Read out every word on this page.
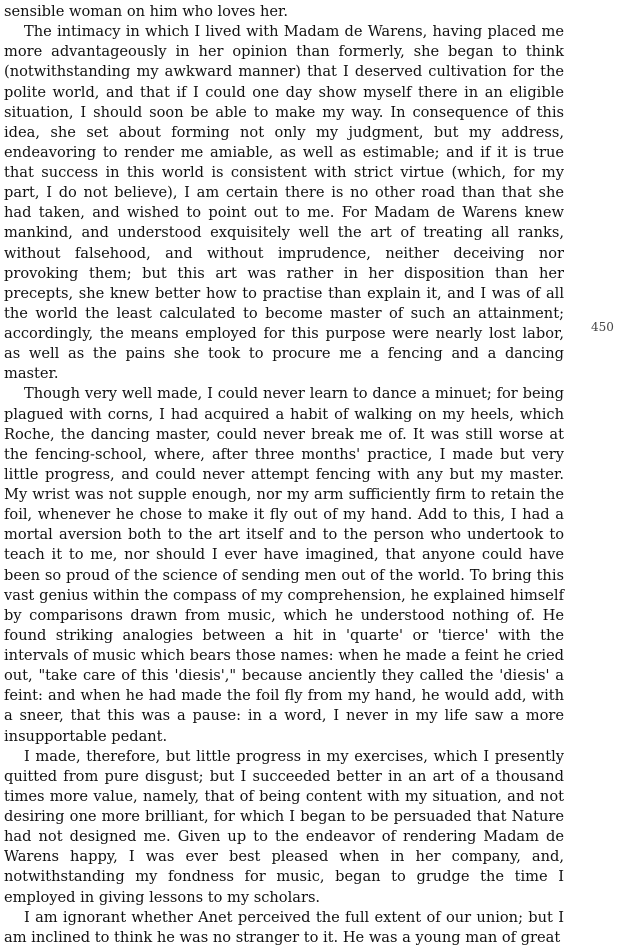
sensible woman on him who loves her.

The intimacy in which I lived with Madam de Warens, having placed me more advantageously in her opinion than formerly, she began to think (notwithstanding my awkward manner) that I deserved cultivation for the polite world, and that if I could one day show myself there in an eligible situation, I should soon be able to make my way. In consequence of this idea, she set about forming not only my judgment, but my address, endeavoring to render me amiable, as well as estimable; and if it is true that success in this world is consistent with strict virtue (which, for my part, I do not believe), I am certain there is no other road than that she had taken, and wished to point out to me. For Madam de Warens knew mankind, and understood exquisitely well the art of treating all ranks, without falsehood, and without imprudence, neither deceiving nor provoking them; but this art was rather in her disposition than her precepts, she knew better how to practise than explain it, and I was of all the world the least calculated to become master of such an attainment; accordingly, the means employed for this purpose were nearly lost labor, as well as the pains she took to procure me a fencing and a dancing master.

Though very well made, I could never learn to dance a minuet; for being plagued with corns, I had acquired a habit of walking on my heels, which Roche, the dancing master, could never break me of. It was still worse at the fencing-school, where, after three months' practice, I made but very little progress, and could never attempt fencing with any but my master. My wrist was not supple enough, nor my arm sufficiently firm to retain the foil, whenever he chose to make it fly out of my hand. Add to this, I had a mortal aversion both to the art itself and to the person who undertook to teach it to me, nor should I ever have imagined, that anyone could have been so proud of the science of sending men out of the world. To bring this vast genius within the compass of my comprehension, he explained himself by comparisons drawn from music, which he understood nothing of. He found striking analogies between a hit in 'quarte' or 'tierce' with the intervals of music which bears those names: when he made a feint he cried out, "take care of this 'diesis'," because anciently they called the 'diesis' a feint: and when he had made the foil fly from my hand, he would add, with a sneer, that this was a pause: in a word, I never in my life saw a more insupportable pedant.

I made, therefore, but little progress in my exercises, which I presently quitted from pure disgust; but I succeeded better in an art of a thousand times more value, namely, that of being content with my situation, and not desiring one more brilliant, for which I began to be persuaded that Nature had not designed me. Given up to the endeavor of rendering Madam de Warens happy, I was ever best pleased when in her company, and, notwithstanding my fondness for music, began to grudge the time I employed in giving lessons to my scholars.

I am ignorant whether Anet perceived the full extent of our union; but I am inclined to think he was no stranger to it. He was a young man of great

450
